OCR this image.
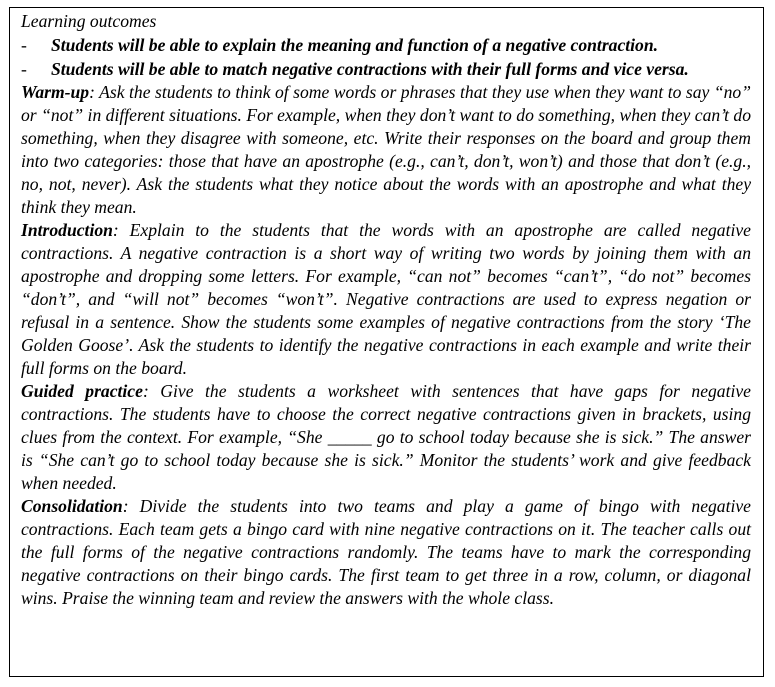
Learning outcomes

- Students will be able to explain the meaning and function of a negative contraction.
- Students will be able to match negative contractions with their full forms and vice versa.

Warm-up: Ask the students to think of some words or phrases that they use when they want to say “no” or “not” in different situations. For example, when they don’t want to do something, when they can’t do something, when they disagree with someone, etc. Write their responses on the board and group them into two categories: those that have an apostrophe (e.g., can’t, don’t, won’t) and those that don’t (e.g., no, not, never). Ask the students what they notice about the words with an apostrophe and what they think they mean.

Introduction: Explain to the students that the words with an apostrophe are called negative contractions. A negative contraction is a short way of writing two words by joining them with an apostrophe and dropping some letters. For example, “can not” becomes “can’t”, “do not” becomes “don’t”, and “will not” becomes “won’t”. Negative contractions are used to express negation or refusal in a sentence. Show the students some examples of negative contractions from the story ‘The Golden Goose’. Ask the students to identify the negative contractions in each example and write their full forms on the board.

Guided practice: Give the students a worksheet with sentences that have gaps for negative contractions. The students have to choose the correct negative contractions given in brackets, using clues from the context. For example, “She _____ go to school today because she is sick.” The answer is “She can’t go to school today because she is sick.” Monitor the students’ work and give feedback when needed.

Consolidation: Divide the students into two teams and play a game of bingo with negative contractions. Each team gets a bingo card with nine negative contractions on it. The teacher calls out the full forms of the negative contractions randomly. The teams have to mark the corresponding negative contractions on their bingo cards. The first team to get three in a row, column, or diagonal wins. Praise the winning team and review the answers with the whole class.
